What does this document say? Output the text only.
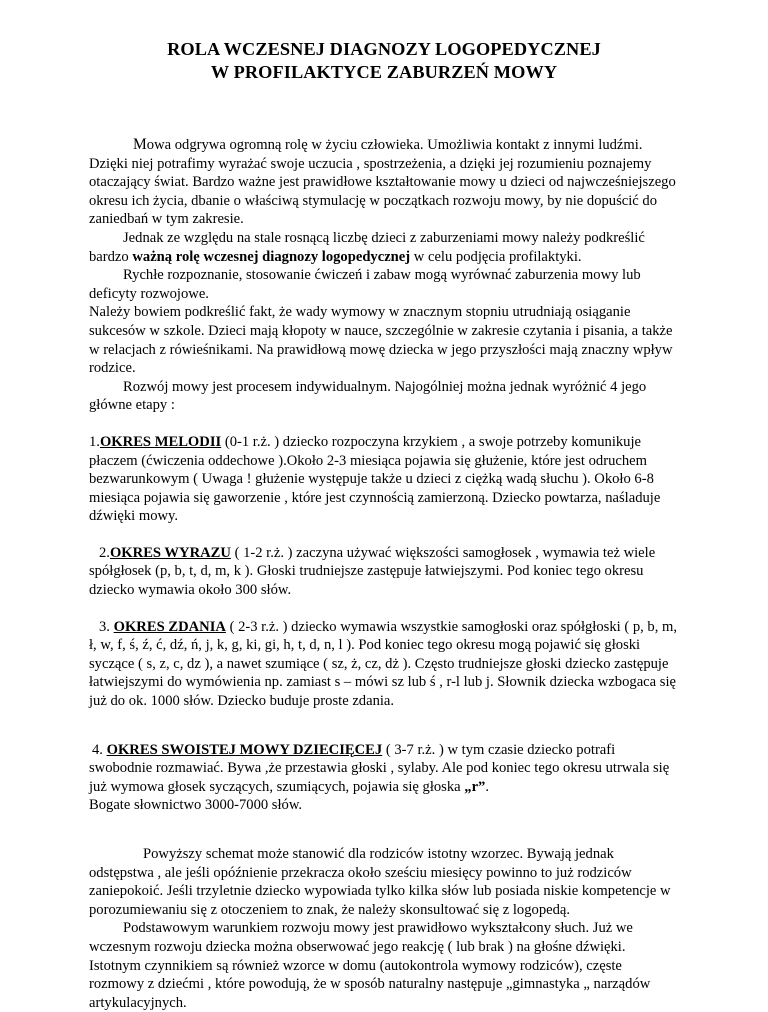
ROLA WCZESNEJ DIAGNOZY LOGOPEDYCZNEJ
W PROFILAKTYCE ZABURZEŃ MOWY

Mowa odgrywa ogromną rolę w życiu człowieka. Umożliwia kontakt z innymi ludźmi. Dzięki niej potrafimy wyrażać swoje uczucia , spostrzeżenia, a dzięki jej rozumieniu poznajemy otaczający świat. Bardzo ważne jest prawidłowe kształtowanie mowy u dzieci od najwcześniejszego okresu ich życia, dbanie o właściwą stymulację w początkach rozwoju mowy, by nie dopuścić do zaniedbań w tym zakresie.

Jednak ze względu na stale rosnącą liczbę dzieci z zaburzeniami mowy należy podkreślić bardzo ważną rolę wczesnej diagnozy logopedycznej w celu podjęcia profilaktyki.

Rychłe rozpoznanie, stosowanie ćwiczeń i zabaw mogą wyrównać zaburzenia mowy lub deficyty rozwojowe.

Należy bowiem podkreślić fakt, że wady wymowy w znacznym stopniu utrudniają osiąganie sukcesów w szkole. Dzieci mają kłopoty w nauce, szczególnie w zakresie czytania i pisania, a także w relacjach z rówieśnikami. Na prawidłową mowę dziecka w jego przyszłości mają znaczny wpływ rodzice.

Rozwój mowy jest procesem indywidualnym. Najogólniej można jednak wyróżnić 4 jego główne etapy :

1.OKRES MELODII (0-1 r.ż. ) dziecko rozpoczyna krzykiem , a swoje potrzeby komunikuje płaczem (ćwiczenia oddechowe ).Około 2-3 miesiąca pojawia się głużenie, które jest odruchem bezwarunkowym ( Uwaga ! głużenie występuje także u dzieci z ciężką wadą słuchu ). Około 6-8 miesiąca pojawia się gaworzenie , które jest czynnością zamierzoną. Dziecko powtarza, naśladuje dźwięki mowy.

2.OKRES WYRAZU ( 1-2 r.ż. ) zaczyna używać większości samogłosek , wymawia też wiele spółgłosek (p, b, t, d, m, k ). Głoski trudniejsze zastępuje łatwiejszymi. Pod koniec tego okresu dziecko wymawia około 300 słów.

3. OKRES ZDANIA ( 2-3 r.ż. ) dziecko wymawia wszystkie samogłoski oraz spółgłoski ( p, b, m, ł, w, f, ś, ź, ć, dź, ń, j, k, g, ki, gi, h, t, d, n, l ). Pod koniec tego okresu mogą pojawić się głoski syczące ( s, z, c, dz ), a nawet szumiące ( sz, ż, cz, dż ). Często trudniejsze głoski dziecko zastępuje łatwiejszymi do wymówienia np. zamiast s – mówi sz lub ś , r-l lub j. Słownik dziecka wzbogaca się już do ok. 1000 słów. Dziecko buduje proste zdania.

4. OKRES SWOISTEJ MOWY DZIECIĘCEJ ( 3-7 r.ż. ) w tym czasie dziecko potrafi swobodnie rozmawiać. Bywa ,że przestawia głoski , sylaby. Ale pod koniec tego okresu utrwala się już wymowa głosek syczących, szumiących, pojawia się głoska „r”.

Bogate słownictwo 3000-7000 słów.

Powyższy schemat może stanowić dla rodziców istotny wzorzec. Bywają jednak odstępstwa , ale jeśli opóźnienie przekracza około sześciu miesięcy powinno to już rodziców zaniepokoić. Jeśli trzyletnie dziecko wypowiada tylko kilka słów lub posiada niskie kompetencje w porozumiewaniu się z otoczeniem to znak, że należy skonsultować się z logopedą.

Podstawowym warunkiem rozwoju mowy jest prawidłowo wykształcony słuch. Już we wczesnym rozwoju dziecka można obserwować jego reakcję ( lub brak ) na głośne dźwięki. Istotnym czynnikiem są również wzorce w domu (autokontrola wymowy rodziców), częste rozmowy z dziećmi , które powodują, że w sposób naturalny następuje „gimnastyka „ narządów artykulacyjnych.
